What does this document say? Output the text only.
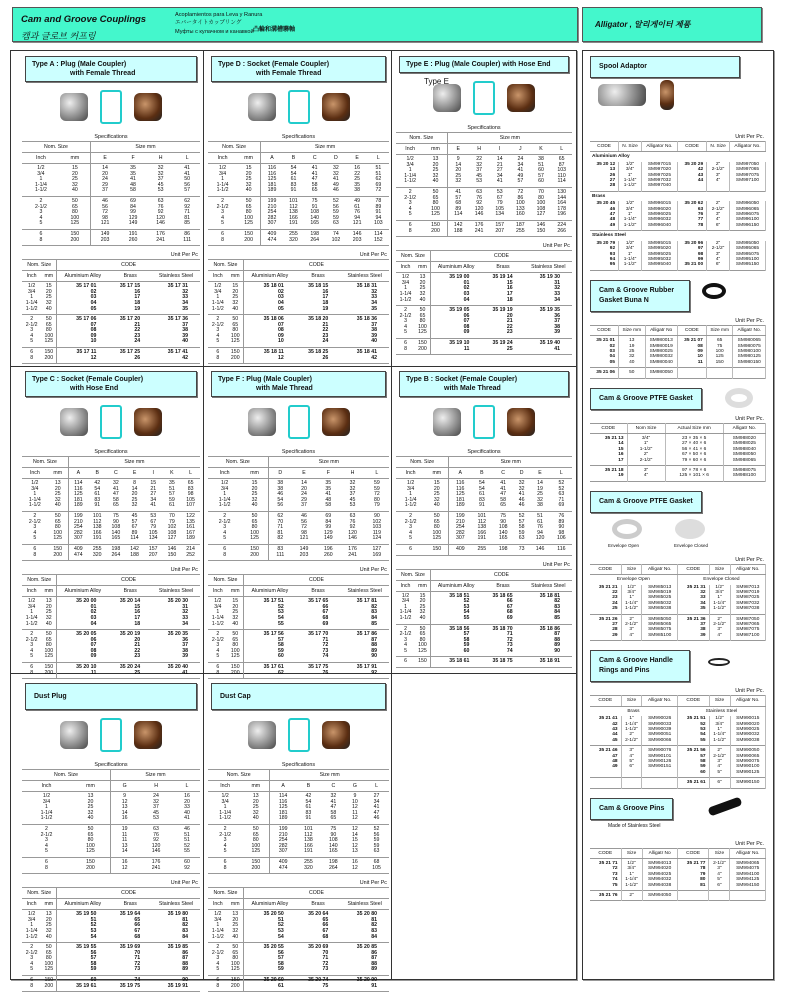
Cam and Groove Couplings
캠과 글로브 커프링
Acoplamientos para Leva y Ranura
エバータイトカップリング
凸輪和溝槽聯軸
Муфты с кулачном и канавкой
Alligator , 알리게이터 제품
Type A : Plug (Male Coupler)
with Female Thread
Specifications
Nom. Size		Size mm			
Inch	mm	E	F	H	L
1/2	15	14	35	32	41
3/4	20	20	35	32	41
1	25	24	41	37	50
1-1/4	32	29	48	45	56
1-1/2	40	37	58	53	57
2	50	46	69	63	62
2-1/2	65	56	84	76	92
3	80	72	99	92	71
4	100	98	129	120	81
5	125	121	149	146	85
6	150	149	191	176	86
8	200	203	260	241	111
Unit Per Pc
Nom. Size		CODE		
Inch	mm	Aluminium Alloy	Brass	Stainless Steel
1/2	15	35 17 01	35 17 15	35 17 31
3/4	20	02	16	32
1	25	03	17	33
1-1/4	32	04	18	34
1-1/2	40	05	19	35
2	50	35 17 06	35 17 20	35 17 36
2-1/2	65	07	21	37
3	80	08	22	38
4	100	09	23	39
5	125	10	24	40
6	150	35 17 11	35 17 25	35 17 41
8	200	12	26	42
Type D : Socket (Female Coupler)
with Female Thread
Specifications
Nom. Size		Size mm					
Inch	mm	A	B	C	D	E	L
1/2	15	116	54	41	32	16	51
3/4	20	116	54	41	32	22	51
1	25	125	61	47	41	25	62
1-1/4	32	181	83	58	49	35	69
1-1/2	40	189	91	65	46	38	72
2	50	199	101	75	52	49	78
2-1/2	65	210	112	91	56	61	89
3	80	254	138	108	59	76	91
4	100	282	166	140	59	94	94
5	125	307	191	165	63	121	103
6	150	409	255	198	74	146	114
8	200	474	320	264	102	203	152
Unit Per Pc
Nom. Size		CODE		
Inch	mm	Aluminium Alloy	Brass	Stainless Steel
1/2	15	35 18 01	35 18 15	35 18 31
3/4	20	02	16	32
1	25	03	17	33
1-1/4	32	04	18	34
1-1/2	40	05	19	35
2	50	35 18 06	35 18 20	35 18 36
2-1/2	65	07	21	37
3	80	08	22	38
4	100	09	23	39
5	125	10	24	40
6	150	35 18 11	35 18 25	35 18 41
8	200	12	26	42
Type E : Plug (Male Coupler) with Hose End
Type E
Specifications
Nom. Size		Size mm					
Inch	mm	E	H	I	J	K	L
1/2	13	9	22	14	24	38	65
3/4	20	14	32	21	34	51	87
1	25	20	37	27	41	60	103
1-1/4	32	25	45	34	49	57	110
1-1/2	40	32	53	41	57	60	114
2	50	41	63	53	72	70	130
2-1/2	65	57	76	67	86	80	144
3	80	68	92	79	100	100	164
4	100	89	120	105	133	108	178
5	125	114	146	134	160	127	196
6	150	142	176	157	187	146	224
8	200	188	241	207	255	150	266
Unit Per Pc
Nom. Size		CODE		
Inch	mm	Aluminium Alloy	Brass	Stainless Steel
1/2	13	35 19 00	35 19 14	35 19 30
3/4	20	01	15	31
1	25	02	16	32
1-1/4	32	03	17	33
1-1/2	40	04	18	34
2	50	35 19 05	35 19 19	35 19 35
2-1/2	65	06	20	36
3	80	07	21	37
4	100	08	22	38
5	125	09	23	39
6	150	35 19 10	35 19 24	35 19 40
8	200	11	25	41
Type C : Socket (Female Coupler)
with Hose End
Specifications
Nom. Size		Size mm						
Inch	mm	A	B	C	E	I	K	L
1/2	13	114	42	32	8	15	35	65
3/4	20	116	54	41	14	21	51	83
1	25	125	61	47	20	27	57	98
1-1/4	32	181	83	58	25	34	59	105
1-1/2	40	189	91	65	32	41	61	107
2	50	199	101	75	45	53	70	122
2-1/2	65	210	112	90	57	67	79	135
3	80	254	138	108	67	79	102	161
4	100	282	166	140	89	105	108	167
5	125	307	191	165	114	134	127	189
6	150	409	255	198	142	157	146	214
8	200	474	320	264	188	207	150	252
Unit Per Pc
Nom. Size		CODE		
Inch	mm	Aluminium Alloy	Brass	Stainless Steel
1/2	13	35 20 00	35 20 14	35 20 30
3/4	20	01	15	31
1	25	02	16	32
1-1/4	32	03	17	33
1-1/2	40	04	18	34
2	50	35 20 05	35 20 19	35 20 35
2-1/2	65	06	20	36
3	80	07	21	37
4	100	08	22	38
5	125	09	23	39
6	150	35 20 10	35 20 24	35 20 40
8	200	11	25	41
Type F : Plug (Male Coupler)
with Male Thread
Specifications
Nom. Size		Size mm				
Inch	mm	D	E	F	H	L
1/2	15	38	14	35	32	59
3/4	20	38	20	35	32	59
1	25	46	24	41	37	72
1-1/4	32	54	29	48	45	80
1-1/2	40	56	37	58	53	79
2	50	62	46	69	63	90
2-1/2	65	70	56	84	76	102
3	80	71	72	99	92	103
4	100	81	98	129	120	119
5	125	82	121	149	146	124
6	150	83	149	196	176	127
8	200	111	203	260	241	169
Unit Per Pc
Nom. Size		CODE		
Inch	mm	Aluminium Alloy	Brass	Stainless Steel
1/2	15	35 17 51	35 17 65	35 17 81
3/4	20	52	66	82
1	25	53	67	83
1-1/4	32	54	68	84
1-1/2	40	55	69	85
2	50	35 17 56	35 17 70	35 17 86
2-1/2	65	57	71	87
3	80	58	72	88
4	100	59	73	89
5	125	60	74	90
6	150	35 17 61	35 17 75	35 17 91
8	200	62	76	92
Type B : Socket (Female Coupler)
with Male Thread
Specifications
Nom. Size		Size mm					
Inch	mm	A	B	C	D	E	L
1/2	15	116	54	41	32	14	52
3/4	20	116	54	41	32	19	52
1	25	125	61	47	41	25	63
1-1/4	32	181	83	58	46	32	71
1-1/2	40	189	91	65	46	38	69
2	50	199	101	75	52	51	76
2-1/2	65	210	112	90	57	61	89
3	80	254	138	108	58	76	90
4	100	282	166	140	59	94	98
5	125	307	191	165	63	120	106
6	150	409	255	198	73	146	116
Unit Per Pc
Nom. Size		CODE		
Inch	mm	Aluminium Alloy	Brass	Stainless Steel
1/2	15	35 18 51	35 18 65	35 18 81
3/4	20	52	66	82
1	25	53	67	83
1-1/4	32	54	68	84
1-1/2	40	55	69	85
2	50	35 18 56	35 18 70	35 18 86
2-1/2	65	57	71	87
3	80	58	72	88
4	100	59	73	89
5	125	60	74	90
6	150	35 18 61	35 18 75	35 18 91
Dust Plug
Specifications
Nom. Size		Size mm		
Inch	mm	G	H	L
1/2	13	9	24	16
3/4	20	12	32	20
1	25	13	37	33
1-1/4	32	14	45	40
1-1/2	40	16	53	41
2	50	19	63	46
2-1/2	65	11	76	51
3	80	11	92	51
4	100	13	120	52
5	125	14	146	55
6	150	16	176	60
8	200	12	241	92
Unit Per Pc
Nom. Size		CODE		
Inch	mm	Aluminium Alloy	Brass	Stainless Steel
1/2	13	35 19 50	35 19 64	35 19 80
3/4	20	51	65	81
1	25	52	66	82
1-1/4	32	53	67	83
1-1/2	40	54	68	84
2	50	35 19 55	35 19 69	35 19 85
2-1/2	65	56	70	86
3	80	57	71	87
4	100	58	72	88
5	125	59	73	89
6	150	60	74	90
8	200	35 19 61	35 19 75	35 19 91
Dust Cap
Specifications
Nom. Size		Size mm				
Inch	mm	A	B	C	G	L
1/2	13	114	42	32	9	27
3/4	20	116	54	41	10	34
1	25	125	61	47	12	41
1-1/4	32	181	83	58	11	47
1-1/2	40	189	91	65	12	46
2	50	199	101	75	12	52
2-1/2	65	210	112	90	14	56
3	80	254	138	108	15	59
4	100	282	166	140	12	59
5	125	307	191	165	13	63
6	150	409	255	198	16	68
8	200	474	320	264	12	105
Unit Per Pc
Nom. Size		CODE		
Inch	mm	Aluminium Alloy	Brass	Stainless Steel
1/2	13	35 20 50	35 20 64	35 20 80
3/4	20	51	65	81
1	25	52	66	82
1-1/4	32	53	67	83
1-1/2	40	54	68	84
2	50	35 20 55	35 20 69	35 20 85
2-1/2	65	56	70	86
3	80	57	71	87
4	100	58	72	88
5	125	59	73	89
6	150	35 20 60	35 20 74	35 20 90
8	200	61	75	91
Spool Adaptor
Unit Per Pc.
CODE	N. Size	Alligator No.	CODE	N. Size	Alligator No.
Aluminium Alloy					
35 20 12	1/2"	SM997015	35 20 29	2"	SM997050
13	3/4"	SM997020	42	2-1/2"	SM997065
26	1"	SM997025	43	3"	SM997075
27	1-1/4"	SM997032	44	4"	SM997100
28	1-1/2"	SM997040			
Brass					
35 20 45	1/2"	SM996015	35 20 62	2"	SM996050
46	3/4"	SM996020	63	2-1/2"	SM996065
47	1"	SM996025	76	3"	SM996075
48	1-1/4"	SM996032	77	4"	SM996100
49	1-1/2"	SM996040	78	6"	SM996150
Stainless Steel					
35 20 79	1/2"	SM995015	35 20 96	2"	SM995050
92	3/4"	SM995020	97	2-1/2"	SM995065
93	1"	SM995025	98	3"	SM995075
94	1-1/4"	SM995032	99	4"	SM995100
95	1-1/2"	SM995040	35 21 00	6"	SM995150
Cam & Groove Rubber Gasket Buna N
Unit Per Pc.
CODE	Size mm	Alligatr No	CODE	Size mm	Alligatr No.
35 21 01	13	SM980013	35 21 07	65	SM980065
02	19	SM980019	08	75	SM980075
03	25	SM980025	09	100	SM980100
04	32	SM980032	10	125	SM980125
05	40	SM980040	11	150	SM980150
35 21 06	50	SM980050			
Cam & Groove PTFE Gasket
Unit Per Pc.
CODE	Nom Size	Actual Size mm	Alligatr No.
35 21 13	3/4"	23 × 35 × 5	SM988020
14	1"	27 × 40 × 6	SM988025
15	1-1/2"	56 × 41 × 6	SM988040
16	2"	67 × 50 × 6	SM988050
17	2-1/2"	79 × 60 × 6	SM988065
35 21 18	3"	97 × 78 × 6	SM988075
19	4"	125 × 101 × 6	SM988100
Cam & Groove PTFE Gasket
Envelope Open	Envelope Closed
Unit Per Pc.
CODE	Size	Alligatr No.	CODE	Size	Alligatr No.
Envelope Open			Envelope Closed		
35 21 21	1/2"	SM985013	35 21 31	1/2"	SM987013
22	3/4"	SM985019	32	3/4"	SM987019
23	1"	SM985025	33	1"	SM987025
24	1-1/4"	SM985032	34	1-1/4"	SM987032
25	1-1/2"	SM985038	35	1-1/2"	SM987038
35 21 26	2"	SM985050	35 21 36	2"	SM987050
27	2-1/2"	SM985065	37	2-1/2"	SM987065
28	3"	SM985075	38	3"	SM987075
29	4"	SM985100	39	4"	SM987100
Cam & Groove Handle Rings and Pins
Unit Per Pc.
CODE	Size	Alligatr No.	CODE	Size	Alligatr No.
Brass			Stainless Steel		
35 21 41	1"	SM990026	35 21 51	1/2"	SM990015
42	1-1/4"	SM990033	52	3/4"	SM990020
43	1-1/2"	SM990039	53	1"	SM990025
44	2"	SM990051	54	1-1/4"	SM990032
45	2-1/2"	SM990066	55	1-1/2"	SM990038
35 21 46	3"	SM990076	35 21 56	2"	SM990050
47	4"	SM990101	57	2-1/2"	SM990065
48	5"	SM990126	58	3"	SM990075
49	6"	SM990151	59	4"	SM990100
			60	5"	SM990125
			35 21 61	6"	SM990150
Cam & Groove Pins
Made of Stainless Steel
Unit Per Pc.
CODE	Size	Alligatr No	CODE	Size	Alligatr No.
35 21 71	1/2"	SM994013	35 21 77	2-1/2"	SM994065
72	3/4"	SM994020	78	3"	SM994075
73	1"	SM994025	79	4"	SM994100
74	1-1/4"	SM994032	80	5"	SM994125
75	1-1/2"	SM994038	81	6"	SM994150
35 21 76	2"	SM994050			
